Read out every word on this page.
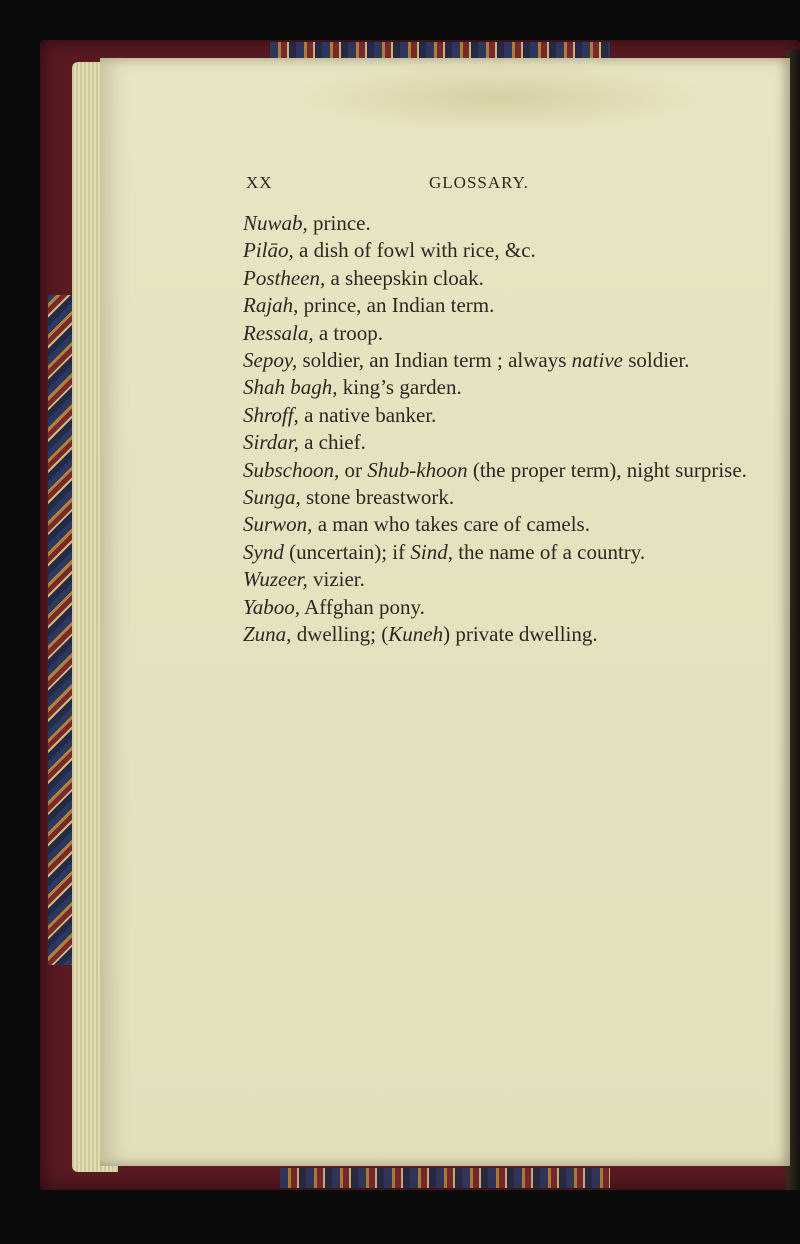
XX	GLOSSARY.

Nuwab, prince.

Pilāo, a dish of fowl with rice, &c.

Postheen, a sheepskin cloak.

Rajah, prince, an Indian term.

Ressala, a troop.

Sepoy, soldier, an Indian term ; always native soldier.

Shah bagh, king’s garden.

Shroff, a native banker.

Sirdar, a chief.

Subschoon, or Shub-khoon (the proper term), night surprise.

Sunga, stone breastwork.

Surwon, a man who takes care of camels.

Synd (uncertain); if Sind, the name of a country.

Wuzeer, vizier.

Yaboo, Affghan pony.

Zuna, dwelling; (Kuneh) private dwelling.
